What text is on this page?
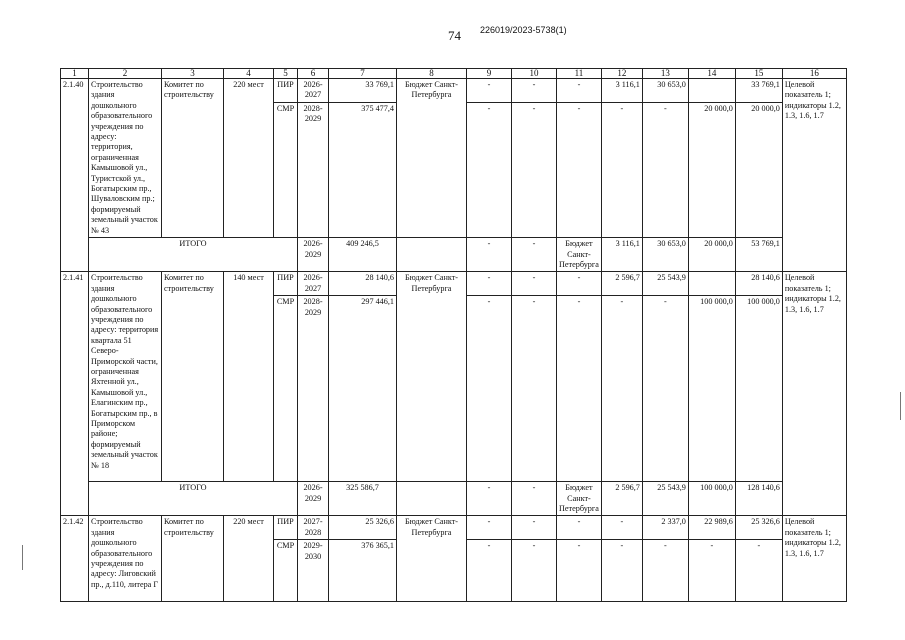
74 226019/2023-5738(1)
1	2	3	4	5	6	7	8	9	10	11	12	13	14	15	16
2.1.40	Строительство здания дошкольного образовательного учреждения по адресу: территория, ограниченная Камышовой ул., Туристской ул., Богатырским пр., Шуваловским пр.; формируемый земельный участок № 43	Комитет по строительству	220 мест	ПИР	2026-2027	33 769,1	Бюджет Санкт-Петербурга	-	-	-	3 116,1	30 653,0		33 769,1	Целевой показатель 1; индикаторы 1.2, 1.3, 1.6, 1.7
				СМР	2028-2029	375 477,4		-	-	-	-	-	20 000,0	20 000,0	
	ИТОГО				2026-2029	409 246,5		-	-	Бюджет Санкт-Петербурга	3 116,1	30 653,0	20 000,0	53 769,1	
2.1.41	Строительство здания дошкольного образовательного учреждения по адресу: территория квартала 51 Северо-Приморской части, ограниченная Яхтенной ул., Камышовой ул., Елагинским пр., Богатырским пр., в Приморском районе; формируемый земельный участок № 18	Комитет по строительству	140 мест	ПИР	2026-2027	28 140,6	Бюджет Санкт-Петербурга	-	-	-	2 596,7	25 543,9		28 140,6	Целевой показатель 1; индикаторы 1.2, 1.3, 1.6, 1.7
				СМР	2028-2029	297 446,1		-	-	-	-	-	100 000,0	100 000,0	
	ИТОГО				2026-2029	325 586,7		-	-	Бюджет Санкт-Петербурга	2 596,7	25 543,9	100 000,0	128 140,6	
2.1.42	Строительство здания дошкольного образовательного учреждения по адресу: Лиговский пр., д.110, литера Г	Комитет по строительству	220 мест	ПИР	2027-2028	25 326,6	Бюджет Санкт-Петербурга	-	-	-	-	2 337,0	22 989,6	25 326,6	Целевой показатель 1; индикаторы 1.2, 1.3, 1.6, 1.7
				СМР	2029-2030	376 365,1		-	-	-	-	-	-	-	
